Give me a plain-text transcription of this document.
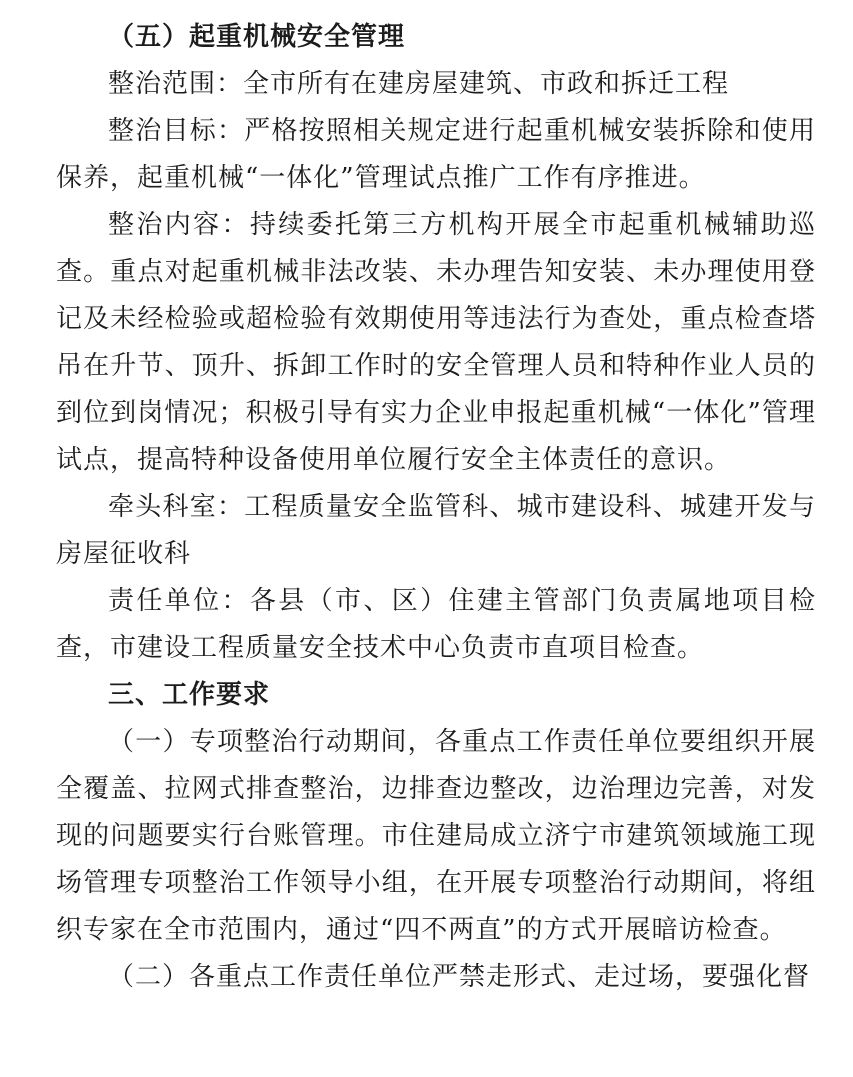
（五）起重机械安全管理

整治范围：全市所有在建房屋建筑、市政和拆迁工程

整治目标：严格按照相关规定进行起重机械安装拆除和使用保养，起重机械“一体化”管理试点推广工作有序推进。

整治内容：持续委托第三方机构开展全市起重机械辅助巡查。重点对起重机械非法改装、未办理告知安装、未办理使用登记及未经检验或超检验有效期使用等违法行为查处，重点检查塔吊在升节、顶升、拆卸工作时的安全管理人员和特种作业人员的到位到岗情况；积极引导有实力企业申报起重机械“一体化”管理试点，提高特种设备使用单位履行安全主体责任的意识。

牵头科室：工程质量安全监管科、城市建设科、城建开发与房屋征收科

责任单位：各县（市、区）住建主管部门负责属地项目检查，市建设工程质量安全技术中心负责市直项目检查。

三、工作要求

（一）专项整治行动期间，各重点工作责任单位要组织开展全覆盖、拉网式排查整治，边排查边整改，边治理边完善，对发现的问题要实行台账管理。市住建局成立济宁市建筑领域施工现场管理专项整治工作领导小组，在开展专项整治行动期间，将组织专家在全市范围内，通过“四不两直”的方式开展暗访检查。

（二）各重点工作责任单位严禁走形式、走过场，要强化督
